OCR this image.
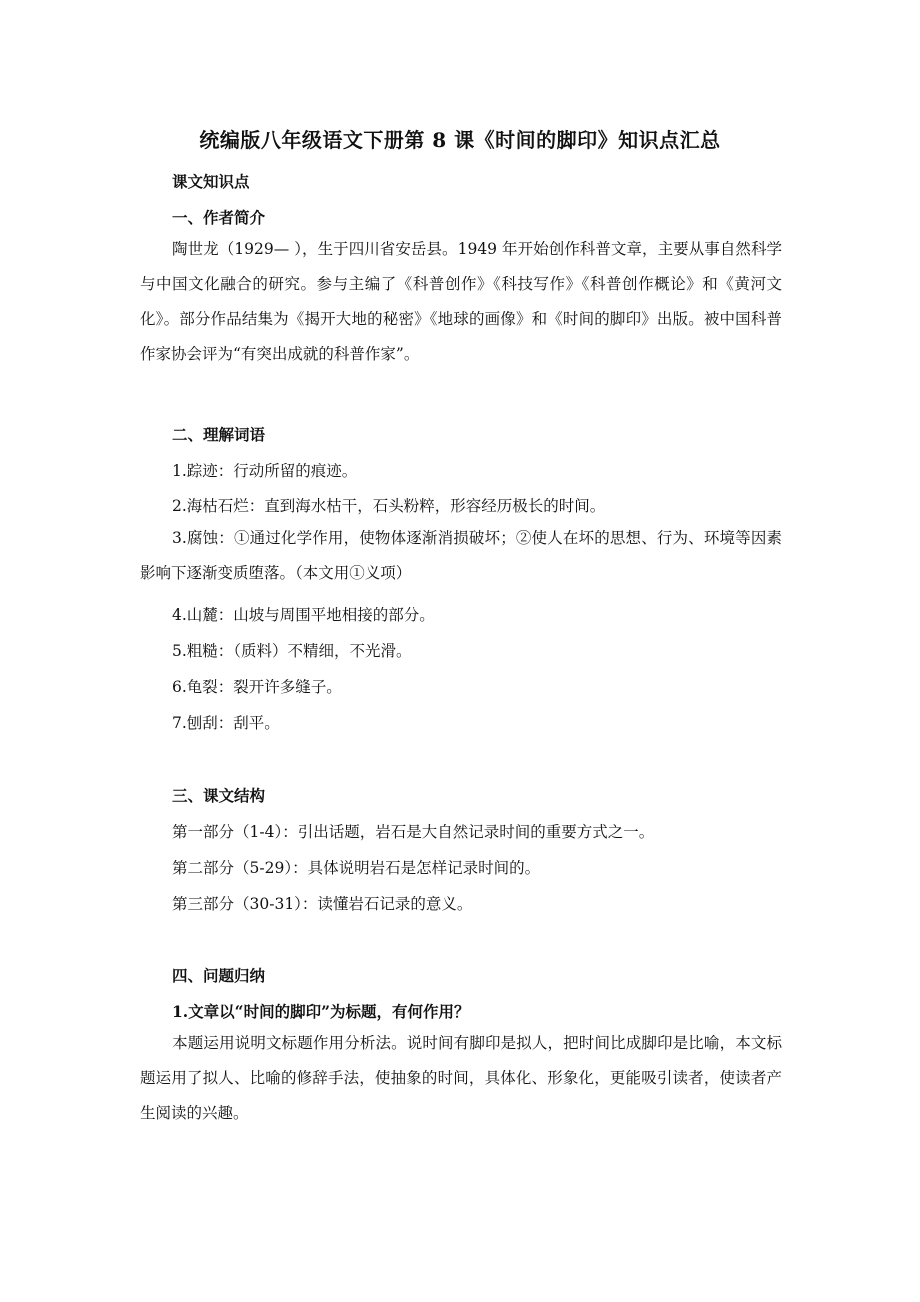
统编版八年级语文下册第 8 课《时间的脚印》知识点汇总
课文知识点
一、作者简介
陶世龙（1929— ），生于四川省安岳县。1949 年开始创作科普文章，主要从事自然科学与中国文化融合的研究。参与主编了《科普创作》《科技写作》《科普创作概论》和《黄河文化》。部分作品结集为《揭开大地的秘密》《地球的画像》和《时间的脚印》出版。被中国科普作家协会评为“有突出成就的科普作家”。
二、理解词语
1.踪迹：行动所留的痕迹。
2.海枯石烂：直到海水枯干，石头粉粹，形容经历极长的时间。
3.腐蚀：①通过化学作用，使物体逐渐消损破坏；②使人在坏的思想、行为、环境等因素影响下逐渐变质堕落。（本文用①义项）
4.山麓：山坡与周围平地相接的部分。
5.粗糙：（质料）不精细，不光滑。
6.龟裂：裂开许多缝子。
7.刨刮：刮平。
三、课文结构
第一部分（1-4）：引出话题，岩石是大自然记录时间的重要方式之一。
第二部分（5-29）：具体说明岩石是怎样记录时间的。
第三部分（30-31）：读懂岩石记录的意义。
四、问题归纳
1.文章以“时间的脚印”为标题，有何作用？
本题运用说明文标题作用分析法。说时间有脚印是拟人，把时间比成脚印是比喻，本文标题运用了拟人、比喻的修辞手法，使抽象的时间，具体化、形象化，更能吸引读者，使读者产生阅读的兴趣。
